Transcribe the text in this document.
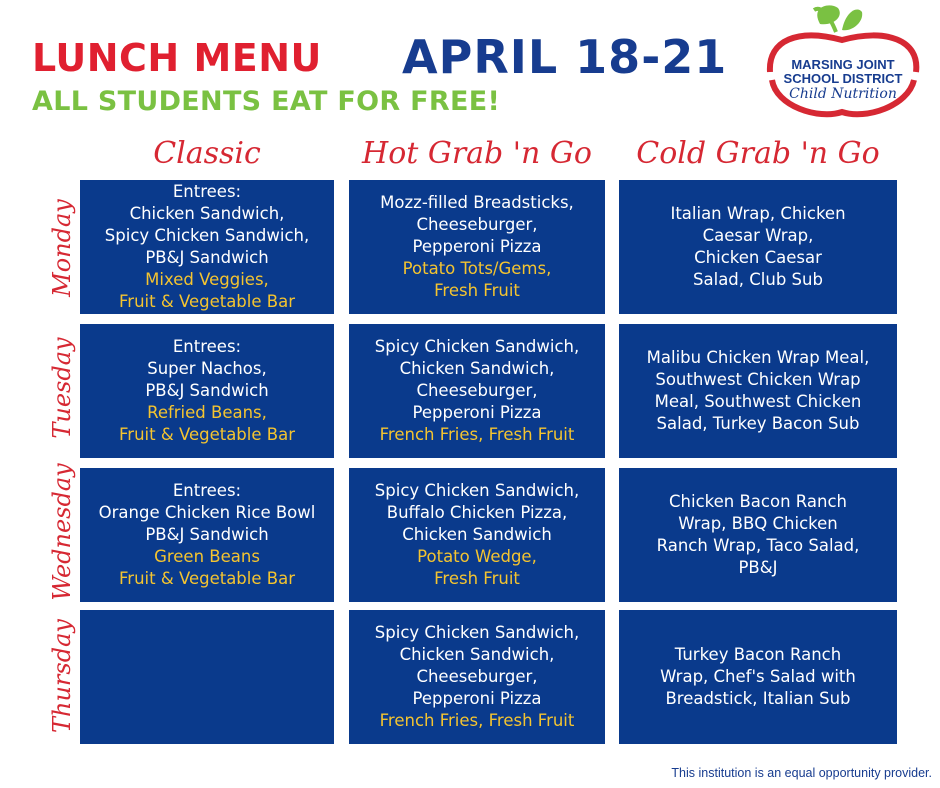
LUNCH MENU APRIL 18-21
ALL STUDENTS EAT FOR FREE!
MARSING JOINT
SCHOOL DISTRICT
Child Nutrition
Classic	Hot Grab 'n Go	Cold Grab 'n Go
Monday
Tuesday
Wednesday
Thursday
Entrees:
Chicken Sandwich,
Spicy Chicken Sandwich,
PB&J Sandwich
Mixed Veggies,
Fruit & Vegetable Bar
Mozz-filled Breadsticks,
Cheeseburger,
Pepperoni Pizza
Potato Tots/Gems,
Fresh Fruit
Italian Wrap, Chicken
Caesar Wrap,
Chicken Caesar
Salad, Club Sub
Entrees:
Super Nachos,
PB&J Sandwich
Refried Beans,
Fruit & Vegetable Bar
Spicy Chicken Sandwich,
Chicken Sandwich,
Cheeseburger,
Pepperoni Pizza
French Fries, Fresh Fruit
Malibu Chicken Wrap Meal,
Southwest Chicken Wrap
Meal, Southwest Chicken
Salad, Turkey Bacon Sub
Entrees:
Orange Chicken Rice Bowl
PB&J Sandwich
Green Beans
Fruit & Vegetable Bar
Spicy Chicken Sandwich,
Buffalo Chicken Pizza,
Chicken Sandwich
Potato Wedge,
Fresh Fruit
Chicken Bacon Ranch
Wrap, BBQ Chicken
Ranch Wrap, Taco Salad,
PB&J
Spicy Chicken Sandwich,
Chicken Sandwich,
Cheeseburger,
Pepperoni Pizza
French Fries, Fresh Fruit
Turkey Bacon Ranch
Wrap, Chef's Salad with
Breadstick, Italian Sub
This institution is an equal opportunity provider.
